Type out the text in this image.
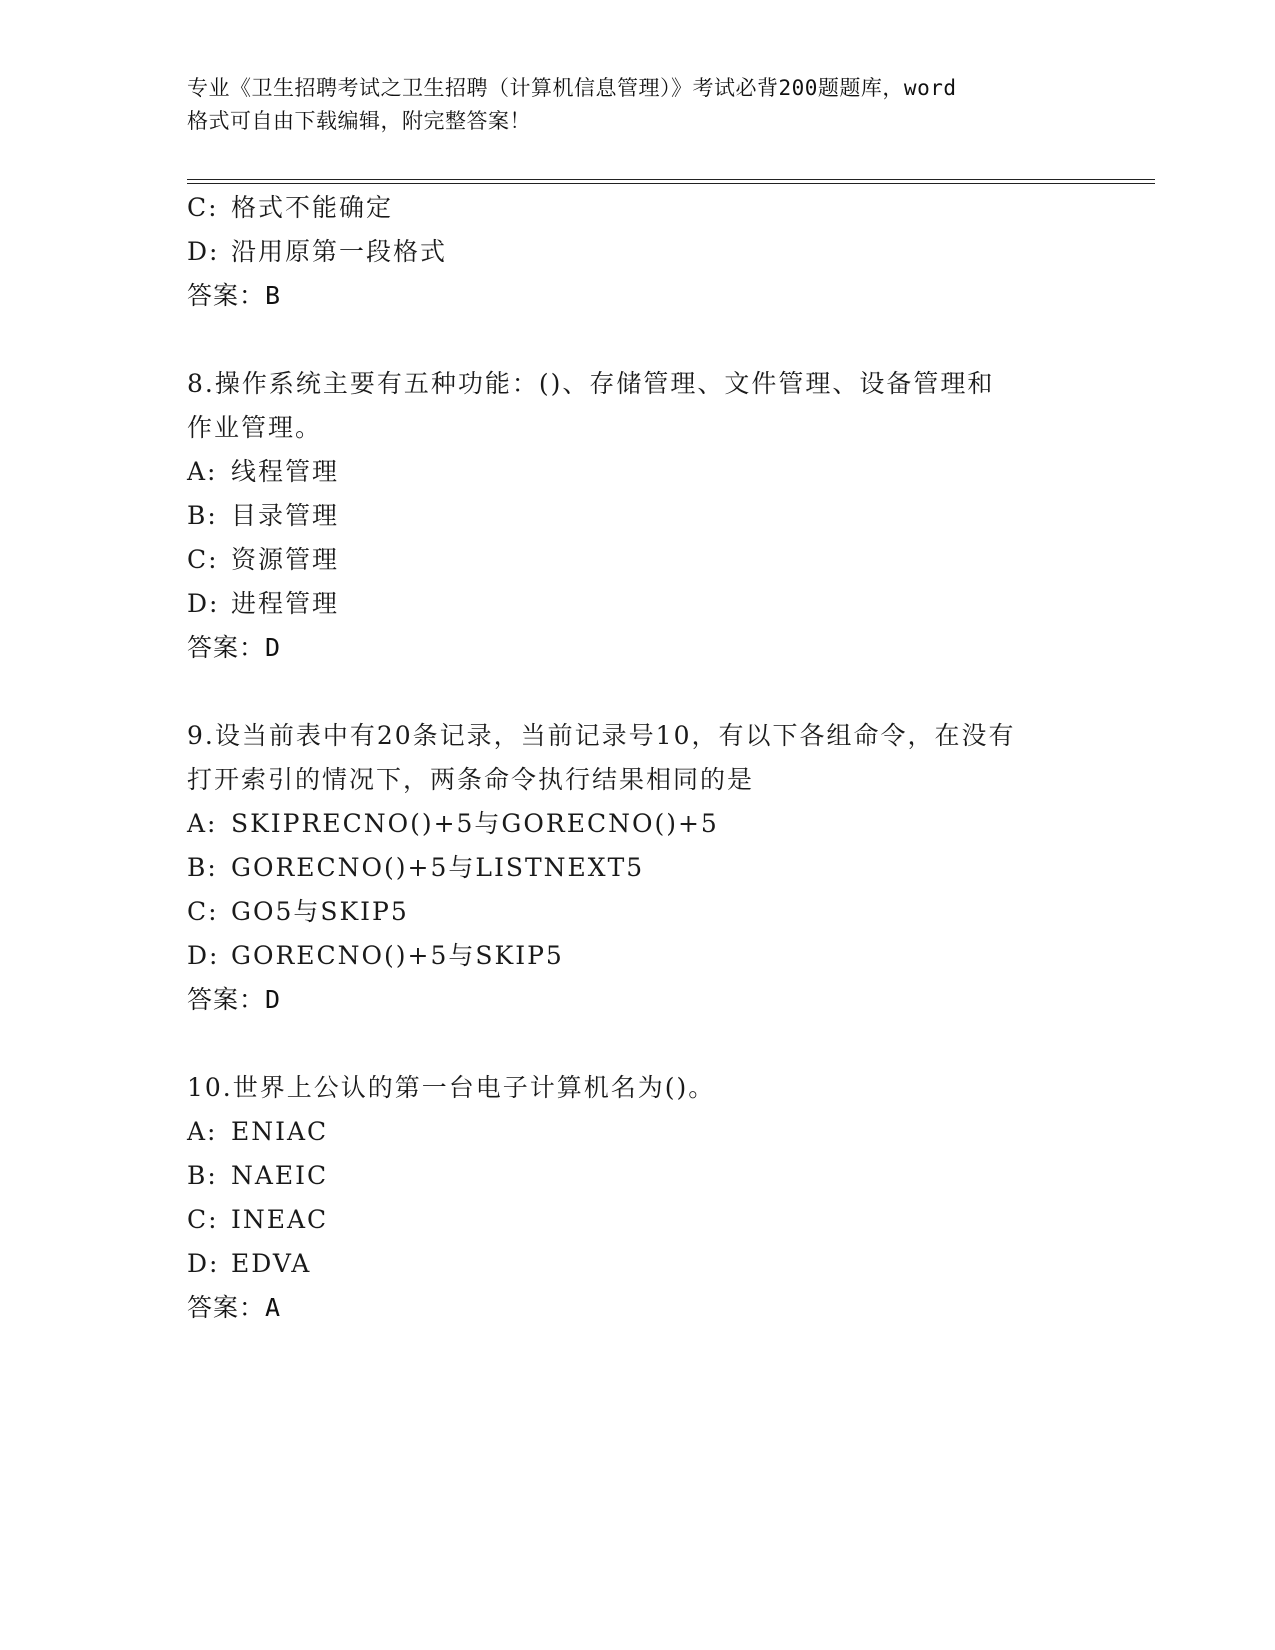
专业《卫生招聘考试之卫生招聘（计算机信息管理）》考试必背200题题库，word
格式可自由下载编辑，附完整答案！
C: 格式不能确定
D: 沿用原第一段格式
答案：B
8.操作系统主要有五种功能：()、存储管理、文件管理、设备管理和
作业管理。
A: 线程管理
B: 目录管理
C: 资源管理
D: 进程管理
答案：D
9.设当前表中有20条记录，当前记录号10，有以下各组命令，在没有
打开索引的情况下，两条命令执行结果相同的是
A: SKIPRECNO()+5与GORECNO()+5
B: GORECNO()+5与LISTNEXT5
C: GO5与SKIP5
D: GORECNO()+5与SKIP5
答案：D
10.世界上公认的第一台电子计算机名为()。
A: ENIAC
B: NAEIC
C: INEAC
D: EDVA
答案：A
